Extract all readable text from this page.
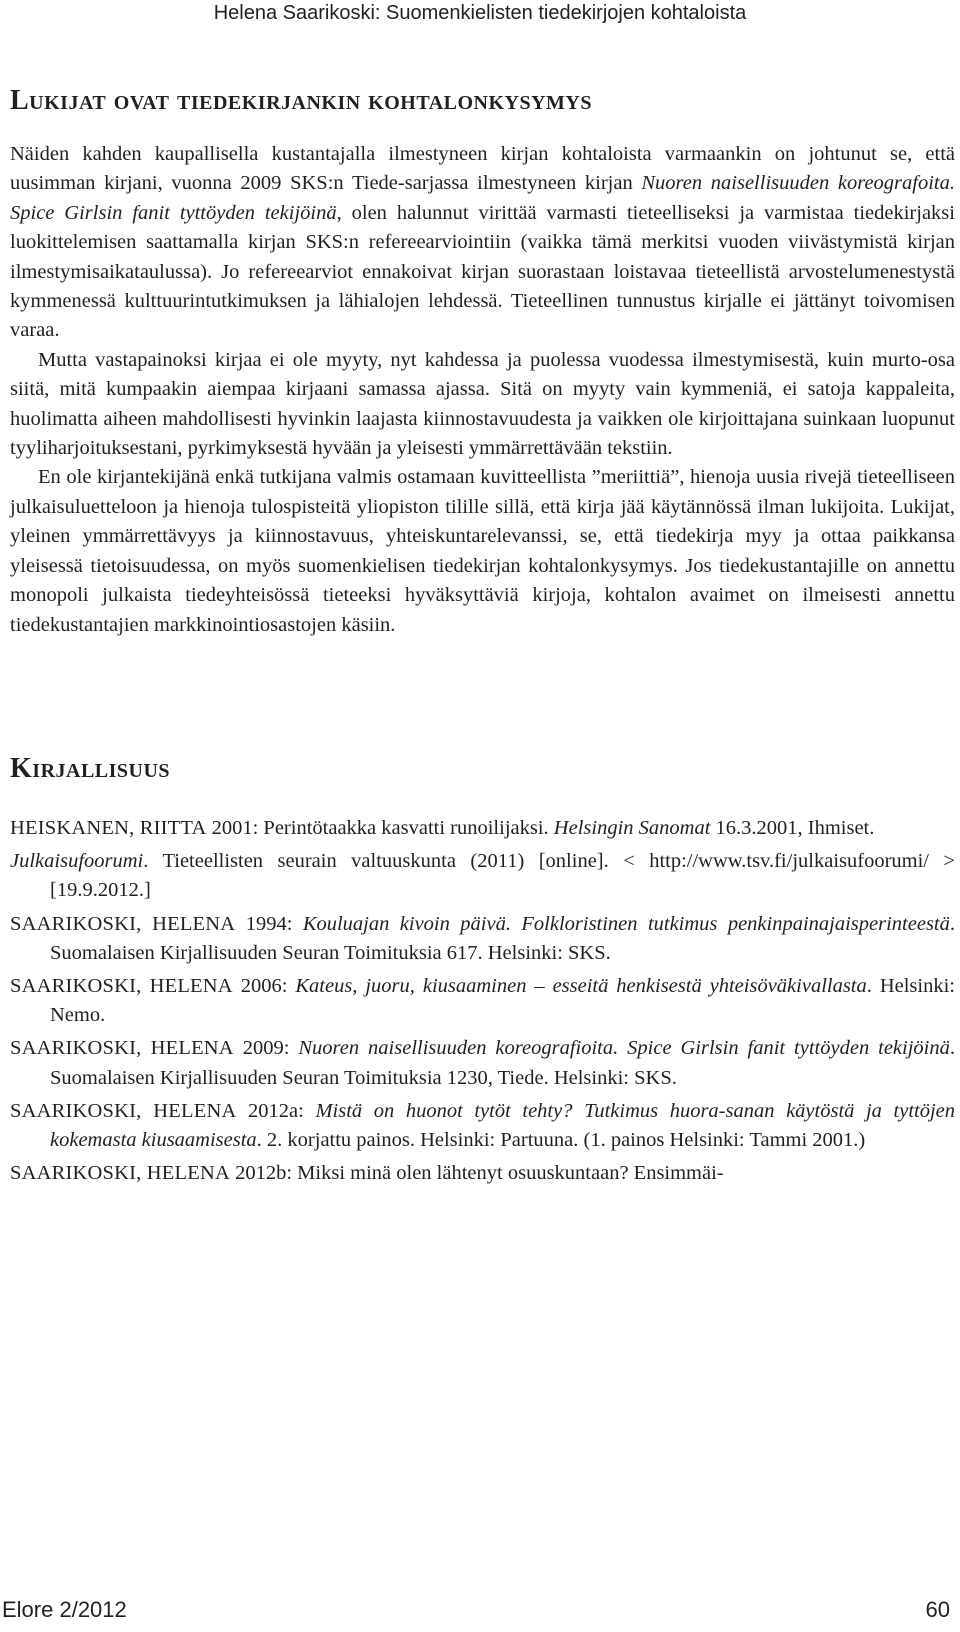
Helena Saarikoski: Suomenkielisten tiedekirjojen kohtaloista
Lukijat ovat tiedekirjankin kohtalonkysymys

Näiden kahden kaupallisella kustantajalla ilmestyneen kirjan kohtaloista varmaankin on johtunut se, että uusimman kirjani, vuonna 2009 SKS:n Tiede-sarjassa ilmestyneen kirjan Nuoren naisellisuuden koreografoita. Spice Girlsin fanit tyttöyden tekijöinä, olen halunnut virittää varmasti tieteelliseksi ja varmistaa tiedekirjaksi luokittelemisen saattamalla kirjan SKS:n refereearviointiin (vaikka tämä merkitsi vuoden viivästymistä kirjan ilmestymisaikataulussa). Jo refereearviot ennakoivat kirjan suorastaan loistavaa tieteellistä arvostelumenestystä kymmenessä kulttuurintutkimuksen ja lähialojen lehdessä. Tieteellinen tunnustus kirjalle ei jättänyt toivomisen varaa.

Mutta vastapainoksi kirjaa ei ole myyty, nyt kahdessa ja puolessa vuodessa ilmestymisestä, kuin murto-osa siitä, mitä kumpaakin aiempaa kirjaani samassa ajassa. Sitä on myyty vain kymmeniä, ei satoja kappaleita, huolimatta aiheen mahdollisesti hyvinkin laajasta kiinnostavuudesta ja vaikken ole kirjoittajana suinkaan luopunut tyyliharjoituksestani, pyrkimyksestä hyvään ja yleisesti ymmärrettävään tekstiin.

En ole kirjantekijänä enkä tutkijana valmis ostamaan kuvitteellista ”meriittiä”, hienoja uusia rivejä tieteelliseen julkaisuluetteloon ja hienoja tulospisteitä yliopiston tilille sillä, että kirja jää käytännössä ilman lukijoita. Lukijat, yleinen ymmärrettävyys ja kiinnostavuus, yhteiskuntarelevanssi, se, että tiedekirja myy ja ottaa paikkansa yleisessä tietoisuudessa, on myös suomenkielisen tiedekirjan kohtalonkysymys. Jos tiedekustantajille on annettu monopoli julkaista tiedeyhteisössä tieteeksi hyväksyttäviä kirjoja, kohtalon avaimet on ilmeisesti annettu tiedekustantajien markkinointiosastojen käsiin.

Kirjallisuus
HEISKANEN, RIITTA 2001: Perintötaakka kasvatti runoilijaksi. Helsingin Sanomat 16.3.2001, Ihmiset.
Julkaisufoorumi. Tieteellisten seurain valtuuskunta (2011) [online]. < http://www.tsv.fi/julkaisufoorumi/ > [19.9.2012.]
SAARIKOSKI, HELENA 1994: Kouluajan kivoin päivä. Folkloristinen tutkimus penkinpainajaisperinteestä. Suomalaisen Kirjallisuuden Seuran Toimituksia 617. Helsinki: SKS.
SAARIKOSKI, HELENA 2006: Kateus, juoru, kiusaaminen – esseitä henkisestä yhteisöväkivallasta. Helsinki: Nemo.
SAARIKOSKI, HELENA 2009: Nuoren naisellisuuden koreografioita. Spice Girlsin fanit tyttöyden tekijöinä. Suomalaisen Kirjallisuuden Seuran Toimituksia 1230, Tiede. Helsinki: SKS.
SAARIKOSKI, HELENA 2012a: Mistä on huonot tytöt tehty? Tutkimus huora-sanan käytöstä ja tyttöjen kokemasta kiusaamisesta. 2. korjattu painos. Helsinki: Partuuna. (1. painos Helsinki: Tammi 2001.)
SAARIKOSKI, HELENA 2012b: Miksi minä olen lähtenyt osuuskuntaan? Ensimmäi-
Elore 2/2012	60
